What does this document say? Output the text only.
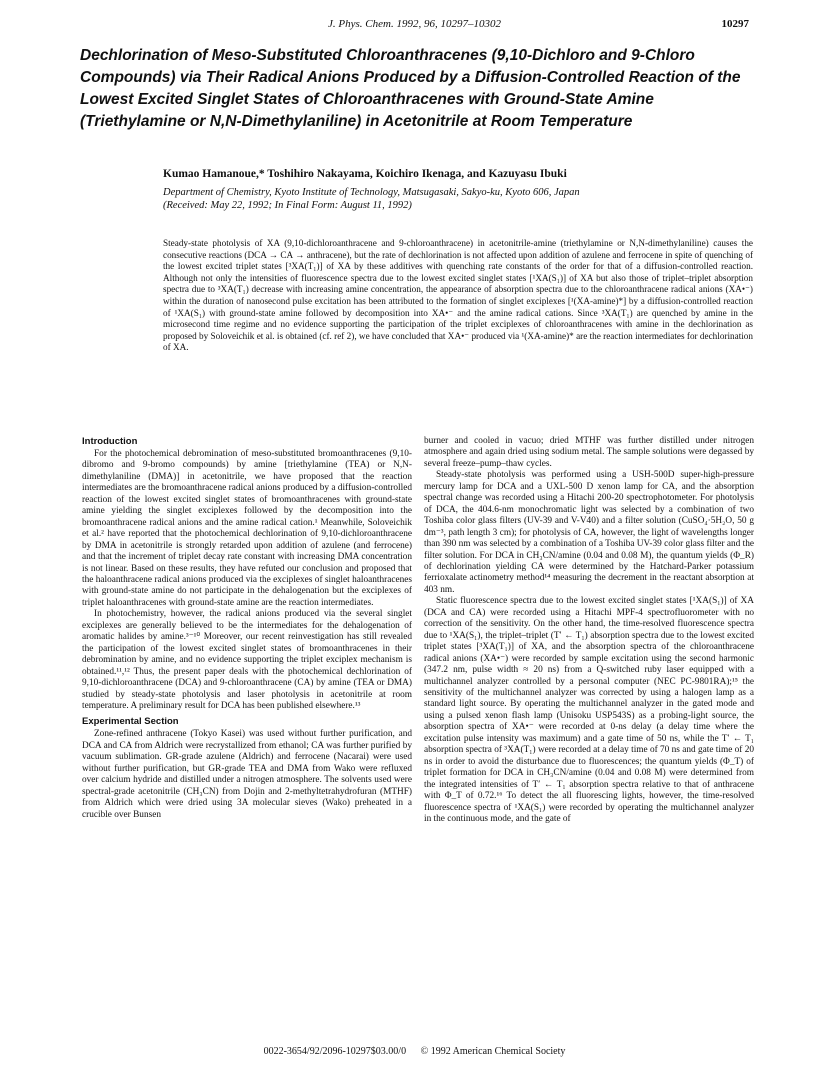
J. Phys. Chem. 1992, 96, 10297–10302	10297
Dechlorination of Meso-Substituted Chloroanthracenes (9,10-Dichloro and 9-Chloro Compounds) via Their Radical Anions Produced by a Diffusion-Controlled Reaction of the Lowest Excited Singlet States of Chloroanthracenes with Ground-State Amine (Triethylamine or N,N-Dimethylaniline) in Acetonitrile at Room Temperature

Kumao Hamanoue,* Toshihiro Nakayama, Koichiro Ikenaga, and Kazuyasu Ibuki

Department of Chemistry, Kyoto Institute of Technology, Matsugasaki, Sakyo-ku, Kyoto 606, Japan
(Received: May 22, 1992; In Final Form: August 11, 1992)

Steady-state photolysis of XA (9,10-dichloroanthracene and 9-chloroanthracene) in acetonitrile-amine (triethylamine or N,N-dimethylaniline) causes the consecutive reactions (DCA → CA → anthracene), but the rate of dechlorination is not affected upon addition of azulene and ferrocene in spite of quenching of the lowest excited triplet states [³XA(T₁)] of XA by these additives with quenching rate constants of the order for that of a diffusion-controlled reaction. Although not only the intensities of fluorescence spectra due to the lowest excited singlet states [¹XA(S₁)] of XA but also those of triplet–triplet absorption spectra due to ³XA(T₁) decrease with increasing amine concentration, the appearance of absorption spectra due to the chloroanthracene radical anions (XA•⁻) within the duration of nanosecond pulse excitation has been attributed to the formation of singlet exciplexes [¹(XA-amine)*] by a diffusion-controlled reaction of ¹XA(S₁) with ground-state amine followed by decomposition into XA•⁻ and the amine radical cations. Since ³XA(T₁) are quenched by amine in the microsecond time regime and no evidence supporting the participation of the triplet exciplexes of chloroanthracenes with amine in the dechlorination as proposed by Soloveichik et al. is obtained (cf. ref 2), we have concluded that XA•⁻ produced via ¹(XA-amine)* are the reaction intermediates for dechlorination of XA.

Introduction

For the photochemical debromination of meso-substituted bromoanthracenes (9,10-dibromo and 9-bromo compounds) by amine [triethylamine (TEA) or N,N-dimethylaniline (DMA)] in acetonitrile, we have proposed that the reaction intermediates are the bromoanthracene radical anions produced by a diffusion-controlled reaction of the lowest excited singlet states of bromoanthracenes with ground-state amine yielding the singlet exciplexes followed by the decomposition into the bromoanthracene radical anions and the amine radical cation.¹ Meanwhile, Soloveichik et al.² have reported that the photochemical dechlorination of 9,10-dichloroanthracene by DMA in acetonitrile is strongly retarded upon addition of azulene (and ferrocene) and that the increment of triplet decay rate constant with increasing DMA concentration is not linear. Based on these results, they have refuted our conclusion and proposed that the haloanthracene radical anions produced via the exciplexes of singlet haloanthracenes with ground-state amine do not participate in the dehalogenation but the exciplexes of triplet haloanthracenes with ground-state amine are the reaction intermediates.

In photochemistry, however, the radical anions produced via the several singlet exciplexes are generally believed to be the intermediates for the dehalogenation of aromatic halides by amine.³⁻¹⁰ Moreover, our recent reinvestigation has still revealed the participation of the lowest excited singlet states of bromoanthracenes in their debromination by amine, and no evidence supporting the triplet exciplex mechanism is obtained.¹¹,¹² Thus, the present paper deals with the photochemical dechlorination of 9,10-dichloroanthracene (DCA) and 9-chloroanthracene (CA) by amine (TEA or DMA) studied by steady-state photolysis and laser photolysis in acetonitrile at room temperature. A preliminary result for DCA has been published elsewhere.¹³

Experimental Section

Zone-refined anthracene (Tokyo Kasei) was used without further purification, and DCA and CA from Aldrich were recrystallized from ethanol; CA was further purified by vacuum sublimation. GR-grade azulene (Aldrich) and ferrocene (Nacarai) were used without further purification, but GR-grade TEA and DMA from Wako were refluxed over calcium hydride and distilled under a nitrogen atmosphere. The solvents used were spectral-grade acetonitrile (CH₃CN) from Dojin and 2-methyltetrahydrofuran (MTHF) from Aldrich which were dried using 3A molecular sieves (Wako) preheated in a crucible over Bunsen

burner and cooled in vacuo; dried MTHF was further distilled under nitrogen atmosphere and again dried using sodium metal. The sample solutions were degassed by several freeze–pump–thaw cycles.

Steady-state photolysis was performed using a USH-500D super-high-pressure mercury lamp for DCA and a UXL-500 D xenon lamp for CA, and the absorption spectral change was recorded using a Hitachi 200-20 spectrophotometer. For photolysis of DCA, the 404.6-nm monochromatic light was selected by a combination of two Toshiba color glass filters (UV-39 and V-V40) and a filter solution (CuSO₄·5H₂O, 50 g dm⁻³, path length 3 cm); for photolysis of CA, however, the light of wavelengths longer than 390 nm was selected by a combination of a Toshiba UV-39 color glass filter and the filter solution. For DCA in CH₃CN/amine (0.04 and 0.08 M), the quantum yields (Φ_R) of dechlorination yielding CA were determined by the Hatchard-Parker potassium ferrioxalate actinometry method¹⁴ measuring the decrement in the reactant absorption at 403 nm.

Static fluorescence spectra due to the lowest excited singlet states [¹XA(S₁)] of XA (DCA and CA) were recorded using a Hitachi MPF-4 spectrofluorometer with no correction of the sensitivity. On the other hand, the time-resolved fluorescence spectra due to ¹XA(S₁), the triplet–triplet (T′ ← T₁) absorption spectra due to the lowest excited triplet states [³XA(T₁)] of XA, and the absorption spectra of the chloroanthracene radical anions (XA•⁻) were recorded by sample excitation using the second harmonic (347.2 nm, pulse width ≈ 20 ns) from a Q-switched ruby laser equipped with a multichannel analyzer controlled by a personal computer (NEC PC-9801RA);¹⁵ the sensitivity of the multichannel analyzer was corrected by using a halogen lamp as a standard light source. By operating the multichannel analyzer in the gated mode and using a pulsed xenon flash lamp (Unisoku USP543S) as a probing-light source, the absorption spectra of XA•⁻ were recorded at 0-ns delay (a delay time where the excitation pulse intensity was maximum) and a gate time of 50 ns, while the T′ ← T₁ absorption spectra of ³XA(T₁) were recorded at a delay time of 70 ns and gate time of 20 ns in order to avoid the disturbance due to fluorescences; the quantum yields (Φ_T) of triplet formation for DCA in CH₃CN/amine (0.04 and 0.08 M) were determined from the integrated intensities of T′ ← T₁ absorption spectra relative to that of anthracene with Φ_T of 0.72.¹⁶ To detect the all fluorescing lights, however, the time-resolved fluorescence spectra of ¹XA(S₁) were recorded by operating the multichannel analyzer in the continuous mode, and the gate of

0022-3654/92/2096-10297$03.00/0 © 1992 American Chemical Society
